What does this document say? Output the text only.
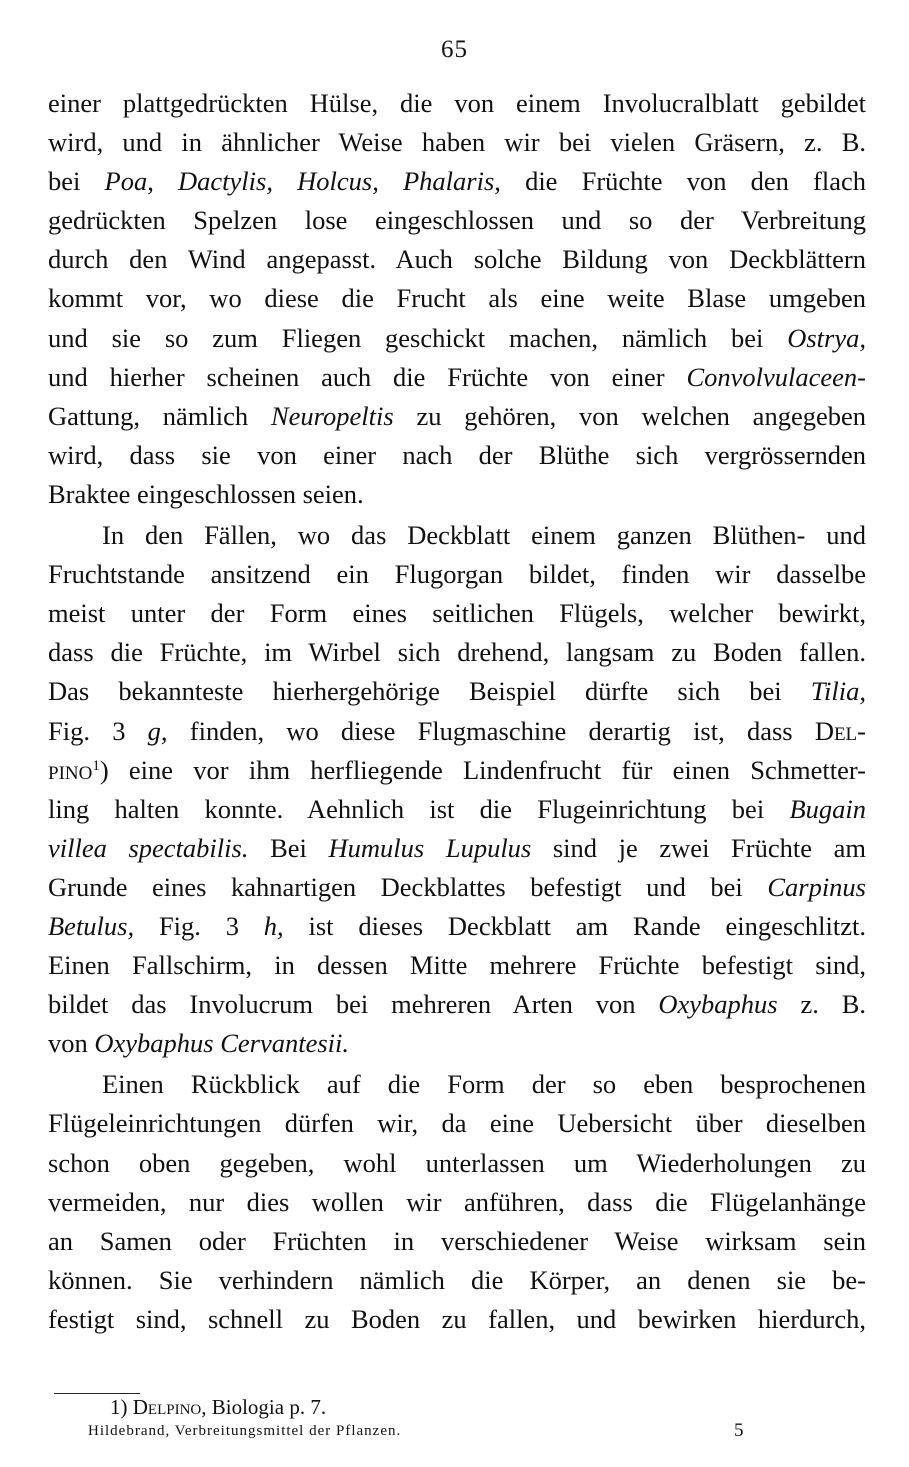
65
einer plattgedrückten Hülse, die von einem Involucralblatt gebildet
wird, und in ähnlicher Weise haben wir bei vielen Gräsern, z. B.
bei Poa, Dactylis, Holcus, Phalaris, die Früchte von den flach
gedrückten Spelzen lose eingeschlossen und so der Verbreitung
durch den Wind angepasst. Auch solche Bildung von Deckblättern
kommt vor, wo diese die Frucht als eine weite Blase umgeben
und sie so zum Fliegen geschickt machen, nämlich bei Ostrya,
und hierher scheinen auch die Früchte von einer Convolvulaceen-
Gattung, nämlich Neuropeltis zu gehören, von welchen angegeben
wird, dass sie von einer nach der Blüthe sich vergrössernden
Braktee eingeschlossen seien.
In den Fällen, wo das Deckblatt einem ganzen Blüthen- und
Fruchtstande ansitzend ein Flugorgan bildet, finden wir dasselbe
meist unter der Form eines seitlichen Flügels, welcher bewirkt,
dass die Früchte, im Wirbel sich drehend, langsam zu Boden fallen.
Das bekannteste hierhergehörige Beispiel dürfte sich bei Tilia,
Fig. 3 g, finden, wo diese Flugmaschine derartig ist, dass Del-
pino$^1$) eine vor ihm herfliegende Lindenfrucht für einen Schmetter-
ling halten konnte. Aehnlich ist die Flugeinrichtung bei Bugain
villea spectabilis. Bei Humulus Lupulus sind je zwei Früchte am
Grunde eines kahnartigen Deckblattes befestigt und bei Carpinus
Betulus, Fig. 3 h, ist dieses Deckblatt am Rande eingeschlitzt.
Einen Fallschirm, in dessen Mitte mehrere Früchte befestigt sind,
bildet das Involucrum bei mehreren Arten von Oxybaphus z. B.
von Oxybaphus Cervantesii.
Einen Rückblick auf die Form der so eben besprochenen
Flügeleinrichtungen dürfen wir, da eine Uebersicht über dieselben
schon oben gegeben, wohl unterlassen um Wiederholungen zu
vermeiden, nur dies wollen wir anführen, dass die Flügelanhänge
an Samen oder Früchten in verschiedener Weise wirksam sein
können. Sie verhindern nämlich die Körper, an denen sie be-
festigt sind, schnell zu Boden zu fallen, und bewirken hierdurch,
1) Delpino, Biologia p. 7.
Hildebrand, Verbreitungsmittel der Pflanzen.	5
